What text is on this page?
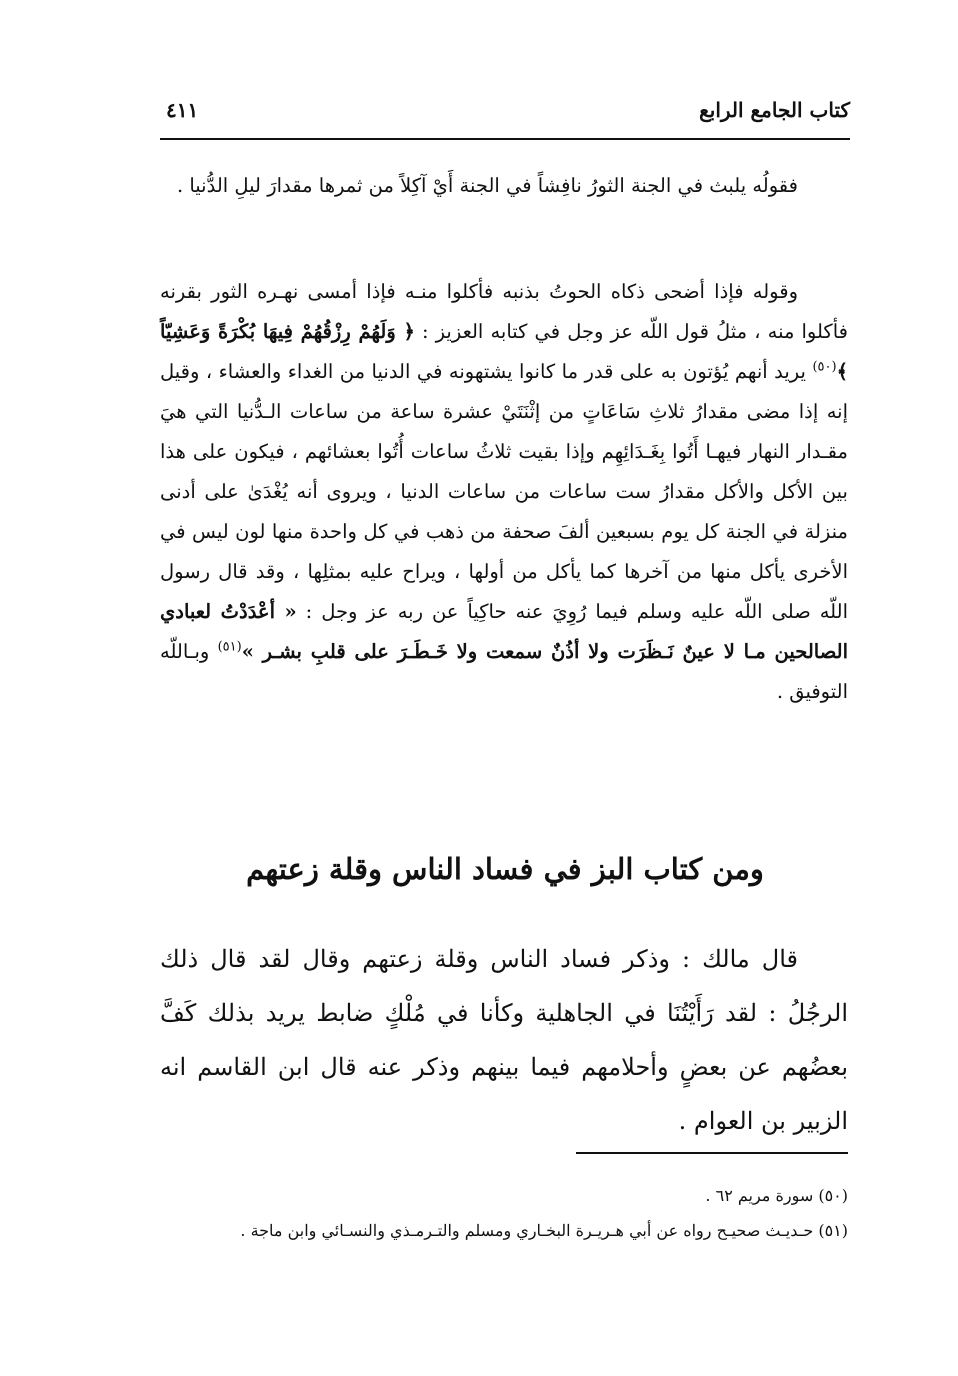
كتاب الجامع الرابع
٤١١

فقولُه يلبث في الجنة الثورُ نافِشاً في الجنة أَيْ آكِلاً من ثمرها مقدارَ ليلِ الدُّنيا .

وقوله فإذا أضحى ذكاه الحوتُ بذنبه فأكلوا منـه فإذا أمسى نهـره الثور بقرنه فأكلوا منه ، مثلُ قول اللّه عز وجل في كتابه العزيز : ﴿ وَلَهُمْ رِزْقُهُمْ فِيهَا بُكْرَةً وَعَشِيّاً ﴾$^{(٥٠)}$ يريد أنهم يُؤتون به على قدر ما كانوا يشتهونه في الدنيا من الغداء والعشاء ، وقيل إنه إذا مضى مقدارُ ثلاثِ سَاعَاتٍ من إثْنَتَيْ عشرة ساعة من ساعات الـدُّنيا التي هيَ مقـدار النهار فيهـا أَتُوا بِغَـدَائِهِم وإذا بقيت ثلاثُ ساعات أُتُوا بعشائهم ، فيكون على هذا بين الأكل والأكل مقدارُ ست ساعات من ساعات الدنيا ، ويروى أنه يُغْدَىٰ على أدنى منزلة في الجنة كل يوم بسبعين ألفَ صحفة من ذهب في كل واحدة منها لون ليس في الأخرى يأكل منها من آخرها كما يأكل من أولها ، ويراح عليه بمثلِها ، وقد قال رسول اللّه صلى اللّه عليه وسلم فيما رُوِيَ عنه حاكِياً عن ربه عز وجل : « أعْدَدْتُ لعبادي الصالحين مـا لا عينٌ نَـظَرَت ولا أذُنٌ سمعت ولا خَـطَـرَ على قلبِ بشـر »$^{(٥١)}$ وبـاللّه التوفيق .

ومن كتاب البز في فساد الناس وقلة زعتهم

قال مالك : وذكر فساد الناس وقلة زعتهم وقال لقد قال ذلك الرجُلُ : لقد رَأَيْتُنَا في الجاهلية وكأنا في مُلْكٍ ضابط يريد بذلك كَفَّ بعضُهم عن بعضٍ وأحلامهم فيما بينهم وذكر عنه قال ابن القاسم انه الزبير بن العوام .

(٥٠) سورة مريم ٦٢ .

(٥١) حـديـث صحيـح رواه عن أبي هـريـرة البخـاري ومسلم والتـرمـذي والنسـائي وابن ماجة .
